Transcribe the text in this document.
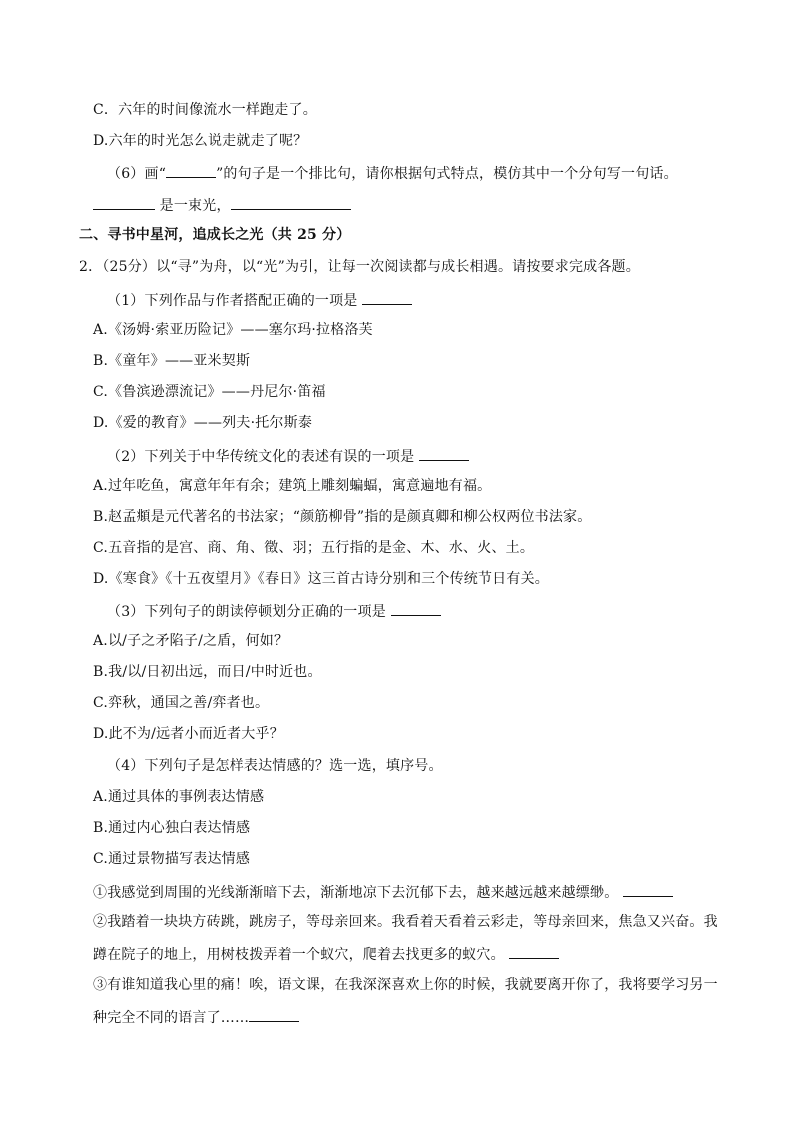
C．六年的时间像流水一样跑走了。
D.六年的时光怎么说走就走了呢？
（6）画“	”的句子是一个排比句，请你根据句式特点，模仿其中一个分句写一句话。
是一束光，
二、寻书中星河，追成长之光（共 25 分）
2．（25分）以“寻”为舟，以“光”为引，让每一次阅读都与成长相遇。请按要求完成各题。
（1）下列作品与作者搭配正确的一项是
A.《汤姆·索亚历险记》——塞尔玛·拉格洛芙
B.《童年》——亚米契斯
C.《鲁滨逊漂流记》——丹尼尔·笛福
D.《爱的教育》——列夫·托尔斯泰
（2）下列关于中华传统文化的表述有误的一项是
A.过年吃鱼，寓意年年有余；建筑上雕刻蝙蝠，寓意遍地有福。
B.赵孟頫是元代著名的书法家；“颜筋柳骨”指的是颜真卿和柳公权两位书法家。
C.五音指的是宫、商、角、徵、羽；五行指的是金、木、水、火、土。
D.《寒食》《十五夜望月》《春日》这三首古诗分别和三个传统节日有关。
（3）下列句子的朗读停顿划分正确的一项是
A.以/子之矛陷子/之盾，何如？
B.我/以/日初出远，而日/中时近也。
C.弈秋，通国之善/弈者也。
D.此不为/远者小而近者大乎？
（4）下列句子是怎样表达情感的？选一选，填序号。
A.通过具体的事例表达情感
B.通过内心独白表达情感
C.通过景物描写表达情感
①我感觉到周围的光线渐渐暗下去，渐渐地凉下去沉郁下去，越来越远越来越缥缈。
②我踏着一块块方砖跳，跳房子，等母亲回来。我看着天看着云彩走，等母亲回来，焦急又兴奋。我
蹲在院子的地上，用树枝拨弄着一个蚁穴，爬着去找更多的蚁穴。
③有谁知道我心里的痛！唉，语文课，在我深深喜欢上你的时候，我就要离开你了，我将要学习另一
种完全不同的语言了……
